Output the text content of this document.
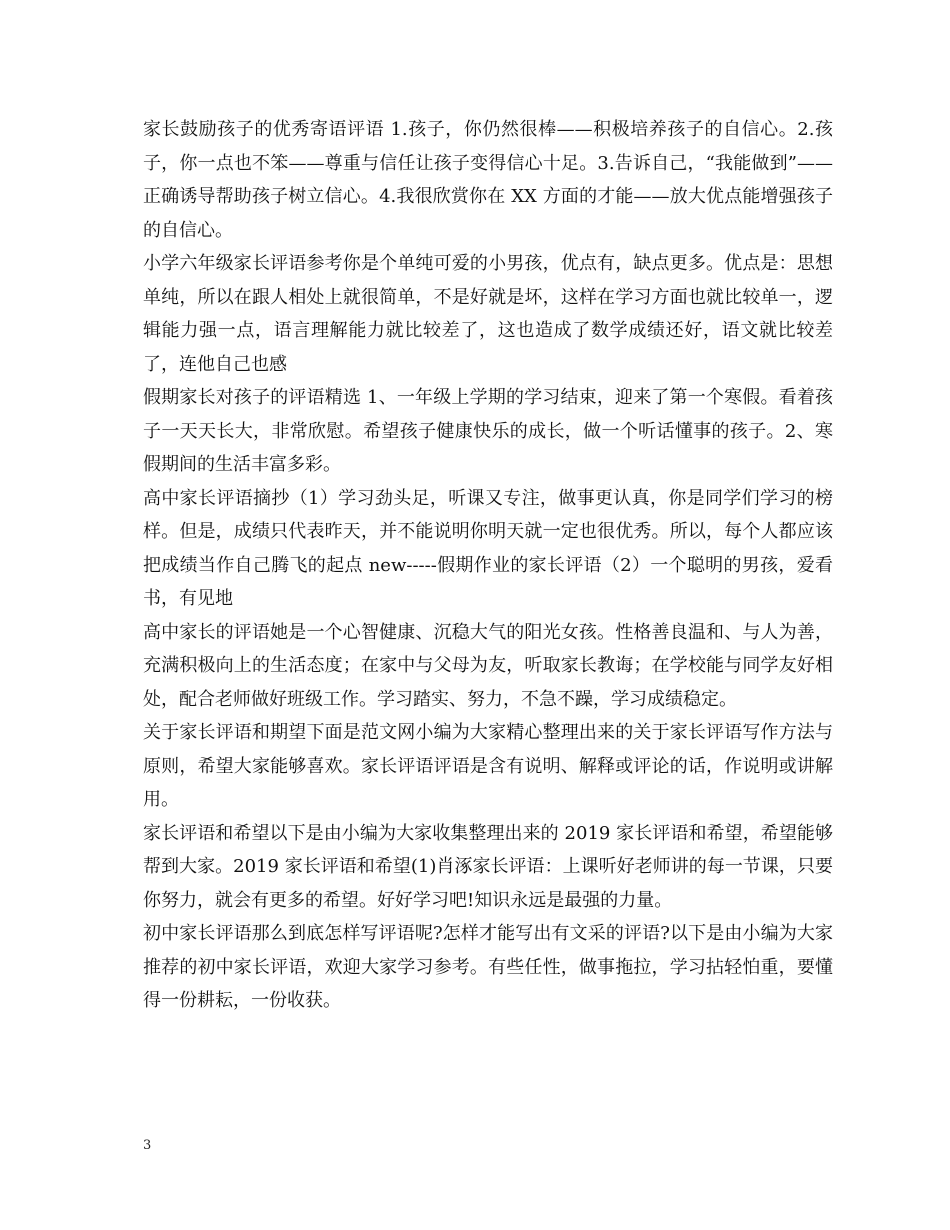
家长鼓励孩子的优秀寄语评语 1.孩子，你仍然很棒——积极培养孩子的自信心。2.孩子，你一点也不笨——尊重与信任让孩子变得信心十足。3.告诉自己，“我能做到”——正确诱导帮助孩子树立信心。4.我很欣赏你在 XX 方面的才能——放大优点能增强孩子的自信心。

小学六年级家长评语参考你是个单纯可爱的小男孩，优点有，缺点更多。优点是：思想单纯，所以在跟人相处上就很简单，不是好就是坏，这样在学习方面也就比较单一，逻辑能力强一点，语言理解能力就比较差了，这也造成了数学成绩还好，语文就比较差了，连他自己也感

假期家长对孩子的评语精选 1、一年级上学期的学习结束，迎来了第一个寒假。看着孩子一天天长大，非常欣慰。希望孩子健康快乐的成长，做一个听话懂事的孩子。2、寒假期间的生活丰富多彩。

高中家长评语摘抄（1）学习劲头足，听课又专注，做事更认真，你是同学们学习的榜样。但是，成绩只代表昨天，并不能说明你明天就一定也很优秀。所以，每个人都应该把成绩当作自己腾飞的起点 new-----假期作业的家长评语（2）一个聪明的男孩，爱看书，有见地

高中家长的评语她是一个心智健康、沉稳大气的阳光女孩。性格善良温和、与人为善，充满积极向上的生活态度；在家中与父母为友，听取家长教诲；在学校能与同学友好相处，配合老师做好班级工作。学习踏实、努力，不急不躁，学习成绩稳定。

关于家长评语和期望下面是范文网小编为大家精心整理出来的关于家长评语写作方法与原则，希望大家能够喜欢。家长评语评语是含有说明、解释或评论的话，作说明或讲解用。

家长评语和希望以下是由小编为大家收集整理出来的 2019 家长评语和希望，希望能够帮到大家。2019 家长评语和希望(1)肖涿家长评语：上课听好老师讲的每一节课，只要你努力，就会有更多的希望。好好学习吧!知识永远是最强的力量。

初中家长评语那么到底怎样写评语呢?怎样才能写出有文采的评语?以下是由小编为大家推荐的初中家长评语，欢迎大家学习参考。有些任性，做事拖拉，学习拈轻怕重，要懂得一份耕耘，一份收获。

3
